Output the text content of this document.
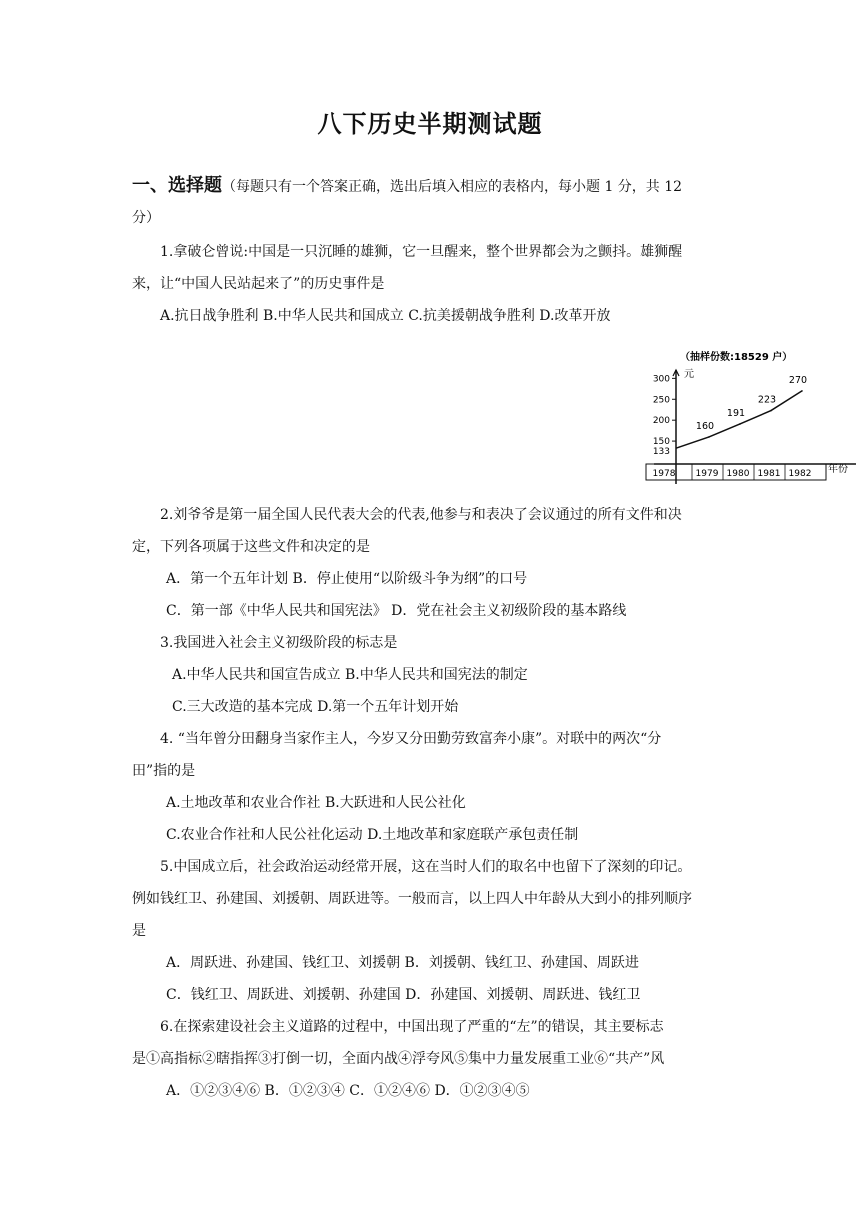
八下历史半期测试题
一、选择题（每题只有一个答案正确，选出后填入相应的表格内，每小题 1 分，共 12
分）
1.拿破仑曾说:中国是一只沉睡的雄狮，它一旦醒来，整个世界都会为之颤抖。雄狮醒
来，让“中国人民站起来了”的历史事件是
A.抗日战争胜利 B.中华人民共和国成立 C.抗美援朝战争胜利 D.改革开放
（抽样份数:18529 户）
元
年份
150
200
250
300
133
1978 1979 1980 1981 1982
160
191
223
270
2.刘爷爷是第一届全国人民代表大会的代表,他参与和表决了会议通过的所有文件和决
定，下列各项属于这些文件和决定的是
A．第一个五年计划 B．停止使用“以阶级斗争为纲”的口号
C．第一部《中华人民共和国宪法》 D．党在社会主义初级阶段的基本路线
3.我国进入社会主义初级阶段的标志是
A.中华人民共和国宣告成立 B.中华人民共和国宪法的制定
C.三大改造的基本完成 D.第一个五年计划开始
4. “当年曾分田翻身当家作主人，今岁又分田勤劳致富奔小康”。对联中的两次“分
田”指的是
A.土地改革和农业合作社 B.大跃进和人民公社化
C.农业合作社和人民公社化运动 D.土地改革和家庭联产承包责任制
5.中国成立后，社会政治运动经常开展，这在当时人们的取名中也留下了深刻的印记。
例如钱红卫、孙建国、刘援朝、周跃进等。一般而言，以上四人中年龄从大到小的排列顺序
是
A．周跃进、孙建国、钱红卫、刘援朝 B．刘援朝、钱红卫、孙建国、周跃进
C．钱红卫、周跃进、刘援朝、孙建国 D．孙建国、刘援朝、周跃进、钱红卫
6.在探索建设社会主义道路的过程中，中国出现了严重的“左”的错误，其主要标志
是①高指标②瞎指挥③打倒一切，全面内战④浮夸风⑤集中力量发展重工业⑥“共产”风
A．①②③④⑥ B．①②③④ C．①②④⑥ D．①②③④⑤
